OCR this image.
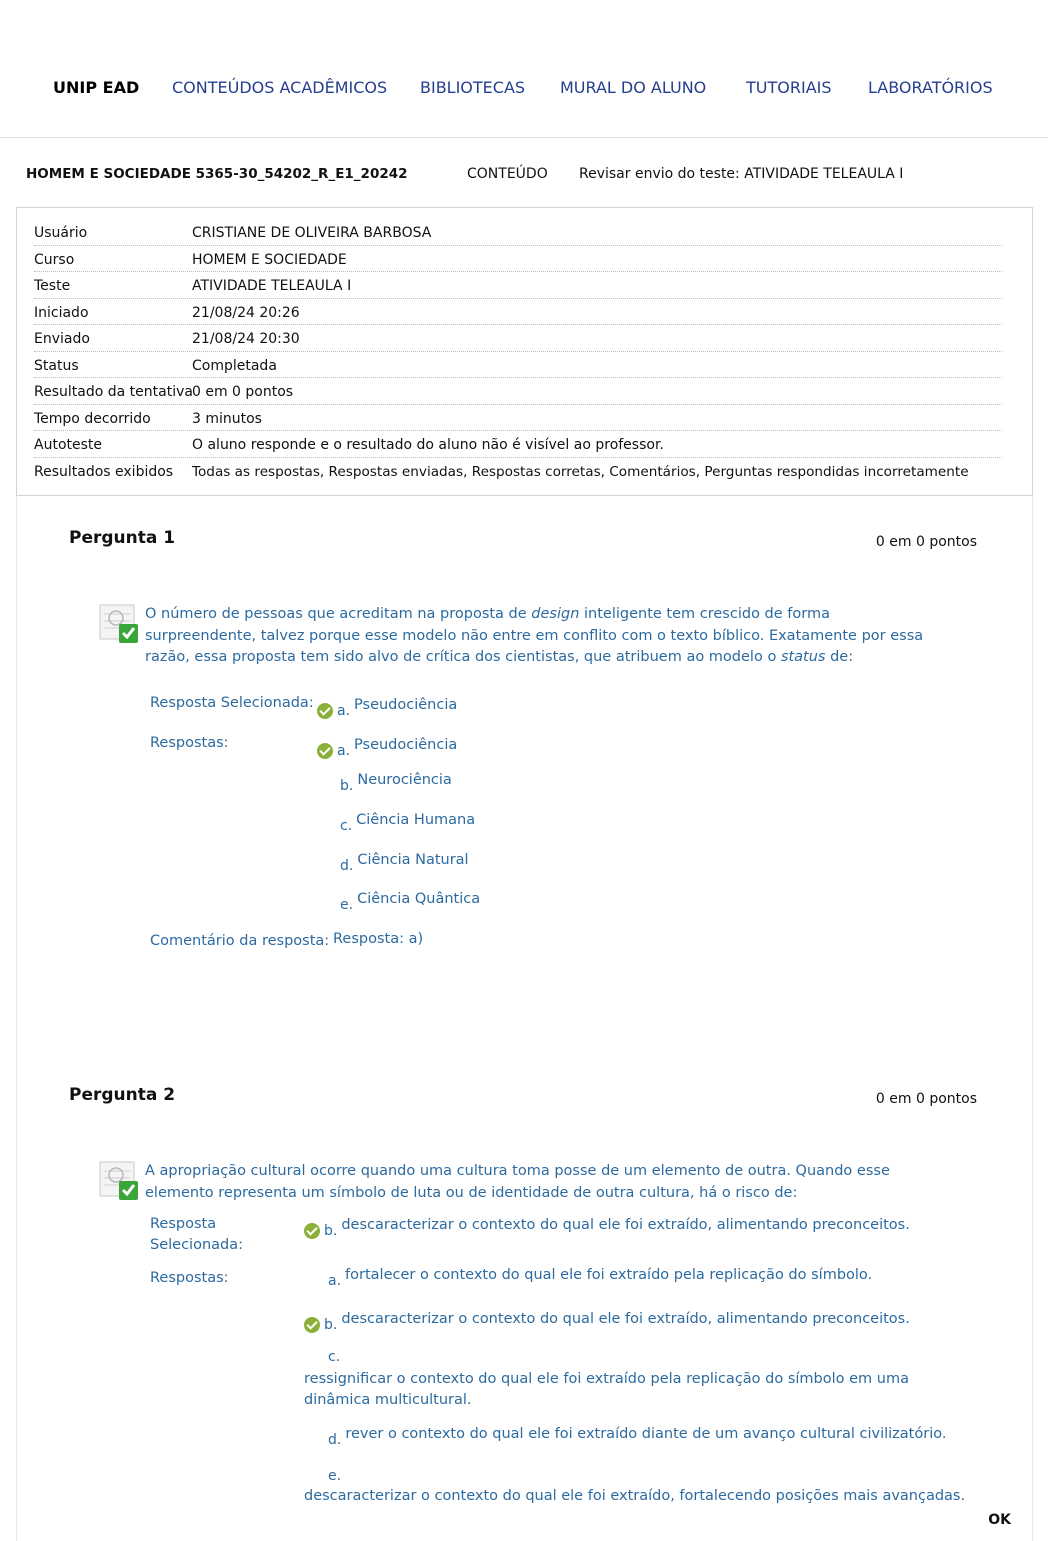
UNIP EAD CONTEÚDOS ACADÊMICOS BIBLIOTECAS MURAL DO ALUNO TUTORIAIS LABORATÓRIOS
HOMEM E SOCIEDADE 5365-30_54202_R_E1_20242	CONTEÚDO Revisar envio do teste: ATIVIDADE TELEAULA I
Usuário	CRISTIANE DE OLIVEIRA BARBOSA
Curso	HOMEM E SOCIEDADE
Teste	ATIVIDADE TELEAULA I
Iniciado	21/08/24 20:26
Enviado	21/08/24 20:30
Status	Completada
Resultado da tentativa 0 em 0 pontos
Tempo decorrido	3 minutos
Autoteste	O aluno responde e o resultado do aluno não é visível ao professor.
Resultados exibidos Todas as respostas, Respostas enviadas, Respostas corretas, Comentários, Perguntas respondidas incorretamente
Pergunta 1	0 em 0 pontos
O número de pessoas que acreditam na proposta de design inteligente tem crescido de forma surpreendente, talvez porque esse modelo não entre em conflito com o texto bíblico. Exatamente por essa razão, essa proposta tem sido alvo de crítica dos cientistas, que atribuem ao modelo o status de:
Resposta Selecionada:	a. Pseudociência
Respostas:	a. Pseudociência
b. Neurociência
c. Ciência Humana
d. Ciência Natural
e. Ciência Quântica
Comentário da resposta: Resposta: a)
Pergunta 2	0 em 0 pontos
A apropriação cultural ocorre quando uma cultura toma posse de um elemento de outra. Quando esse elemento representa um símbolo de luta ou de identidade de outra cultura, há o risco de:
Resposta Selecionada:
b. descaracterizar o contexto do qual ele foi extraído, alimentando preconceitos.
Respostas:	a. fortalecer o contexto do qual ele foi extraído pela replicação do símbolo.
b. descaracterizar o contexto do qual ele foi extraído, alimentando preconceitos.
c.
ressignificar o contexto do qual ele foi extraído pela replicação do símbolo em uma dinâmica multicultural.
d. rever o contexto do qual ele foi extraído diante de um avanço cultural civilizatório.
e.
descaracterizar o contexto do qual ele foi extraído, fortalecendo posições mais avançadas.
OK
